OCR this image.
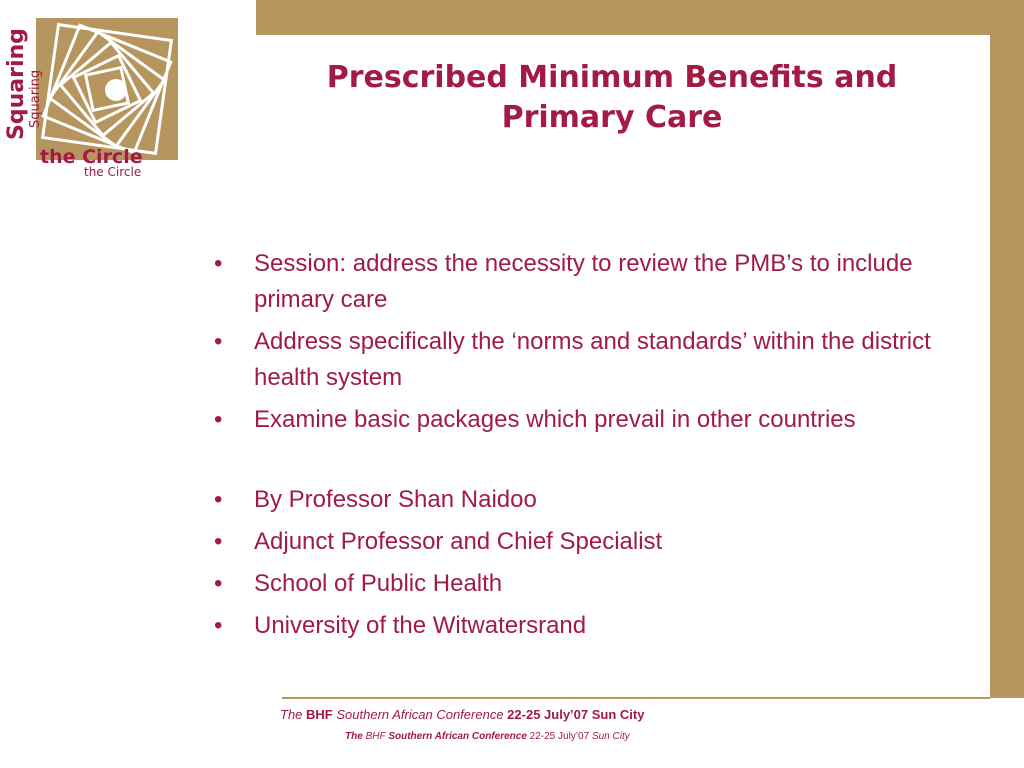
Squaring Squaring
the Circle
the Circle
Prescribed Minimum Benefits and Primary Care
•	Session: address the necessity to review the PMB’s to include primary care
•	Address specifically the ‘norms and standards’ within the district health system
•	Examine basic packages which prevail in other countries
•	By Professor Shan Naidoo
•	Adjunct Professor and Chief Specialist
•	School of Public Health
•	University of the Witwatersrand
The BHF Southern African Conference 22-25 July’07 Sun City
The BHF Southern African Conference 22-25 July’07 Sun City
